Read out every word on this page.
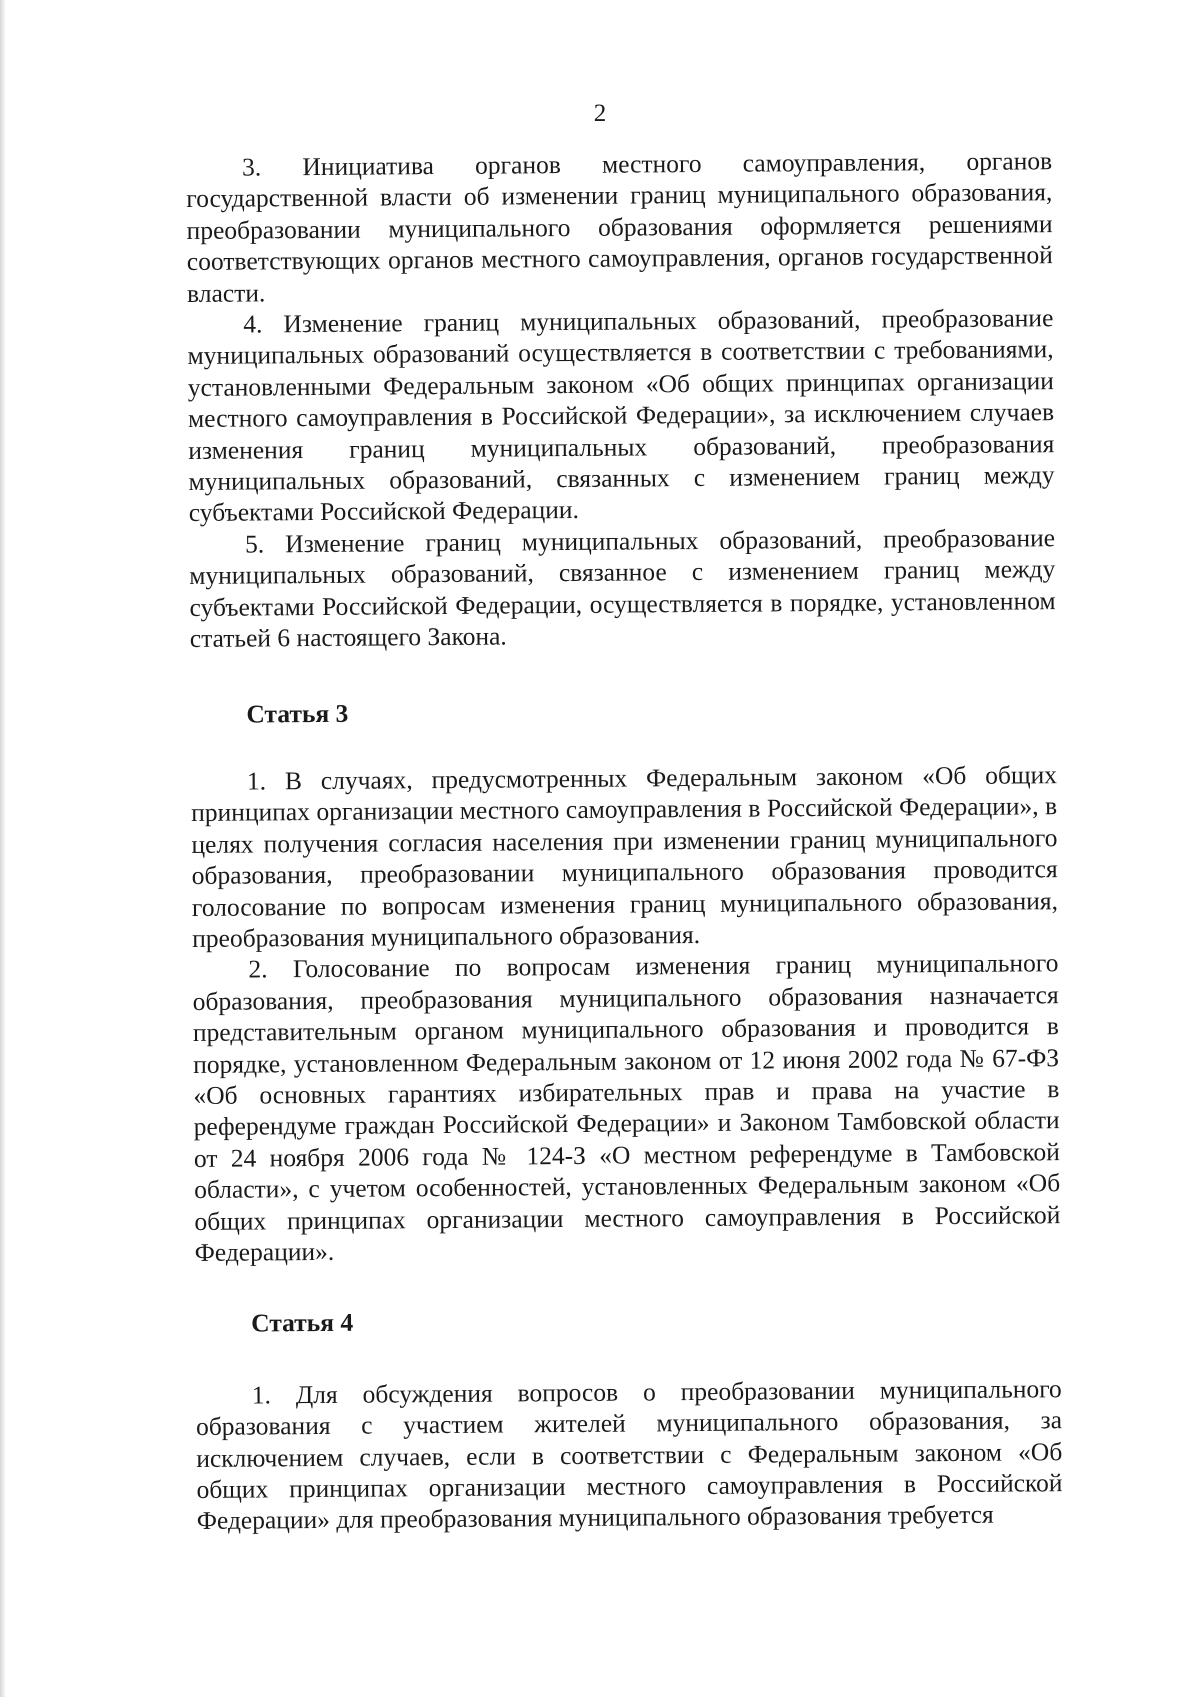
2

3. Инициатива органов местного самоуправления, органов государственной власти об изменении границ муниципального образования, преобразовании муниципального образования оформляется решениями соответствующих органов местного самоуправления, органов государственной власти.

4. Изменение границ муниципальных образований, преобразование муниципальных образований осуществляется в соответствии с требованиями, установленными Федеральным законом «Об общих принципах организации местного самоуправления в Российской Федерации», за исключением случаев изменения границ муниципальных образований, преобразования муниципальных образований, связанных с изменением границ между субъектами Российской Федерации.

5. Изменение границ муниципальных образований, преобразование муниципальных образований, связанное с изменением границ между субъектами Российской Федерации, осуществляется в порядке, установленном статьей 6 настоящего Закона.

Статья 3

1. В случаях, предусмотренных Федеральным законом «Об общих принципах организации местного самоуправления в Российской Федерации», в целях получения согласия населения при изменении границ муниципального образования, преобразовании муниципального образования проводится голосование по вопросам изменения границ муниципального образования, преобразования муниципального образования.

2. Голосование по вопросам изменения границ муниципального образования, преобразования муниципального образования назначается представительным органом муниципального образования и проводится в порядке, установленном Федеральным законом от 12 июня 2002 года № 67-ФЗ «Об основных гарантиях избирательных прав и права на участие в референдуме граждан Российской Федерации» и Законом Тамбовской области от 24 ноября 2006 года № 124-З «О местном референдуме в Тамбовской области», с учетом особенностей, установленных Федеральным законом «Об общих принципах организации местного самоуправления в Российской Федерации».

Статья 4

1. Для обсуждения вопросов о преобразовании муниципального образования с участием жителей муниципального образования, за исключением случаев, если в соответствии с Федеральным законом «Об общих принципах организации местного самоуправления в Российской Федерации» для преобразования муниципального образования требуется
